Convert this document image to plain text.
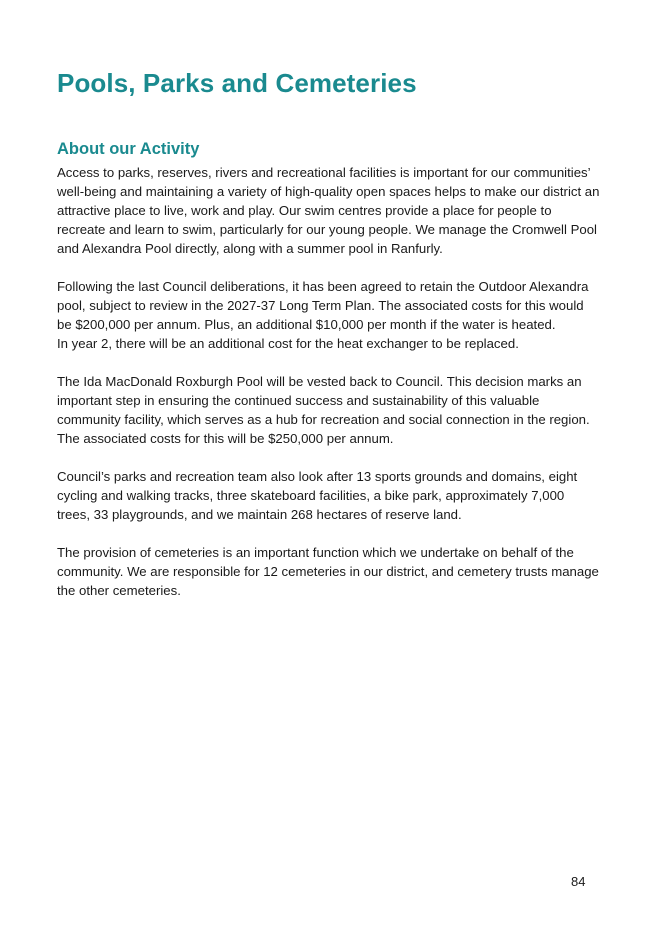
Pools, Parks and Cemeteries
About our Activity

Access to parks, reserves, rivers and recreational facilities is important for our communities’
well-being and maintaining a variety of high-quality open spaces helps to make our district an
attractive place to live, work and play. Our swim centres provide a place for people to
recreate and learn to swim, particularly for our young people. We manage the Cromwell Pool
and Alexandra Pool directly, along with a summer pool in Ranfurly.

Following the last Council deliberations, it has been agreed to retain the Outdoor Alexandra
pool, subject to review in the 2027-37 Long Term Plan. The associated costs for this would
be $200,000 per annum. Plus, an additional $10,000 per month if the water is heated.
In year 2, there will be an additional cost for the heat exchanger to be replaced.

The Ida MacDonald Roxburgh Pool will be vested back to Council. This decision marks an
important step in ensuring the continued success and sustainability of this valuable
community facility, which serves as a hub for recreation and social connection in the region.
The associated costs for this will be $250,000 per annum.

Council’s parks and recreation team also look after 13 sports grounds and domains, eight
cycling and walking tracks, three skateboard facilities, a bike park, approximately 7,000
trees, 33 playgrounds, and we maintain 268 hectares of reserve land.

The provision of cemeteries is an important function which we undertake on behalf of the
community. We are responsible for 12 cemeteries in our district, and cemetery trusts manage
the other cemeteries.

84
